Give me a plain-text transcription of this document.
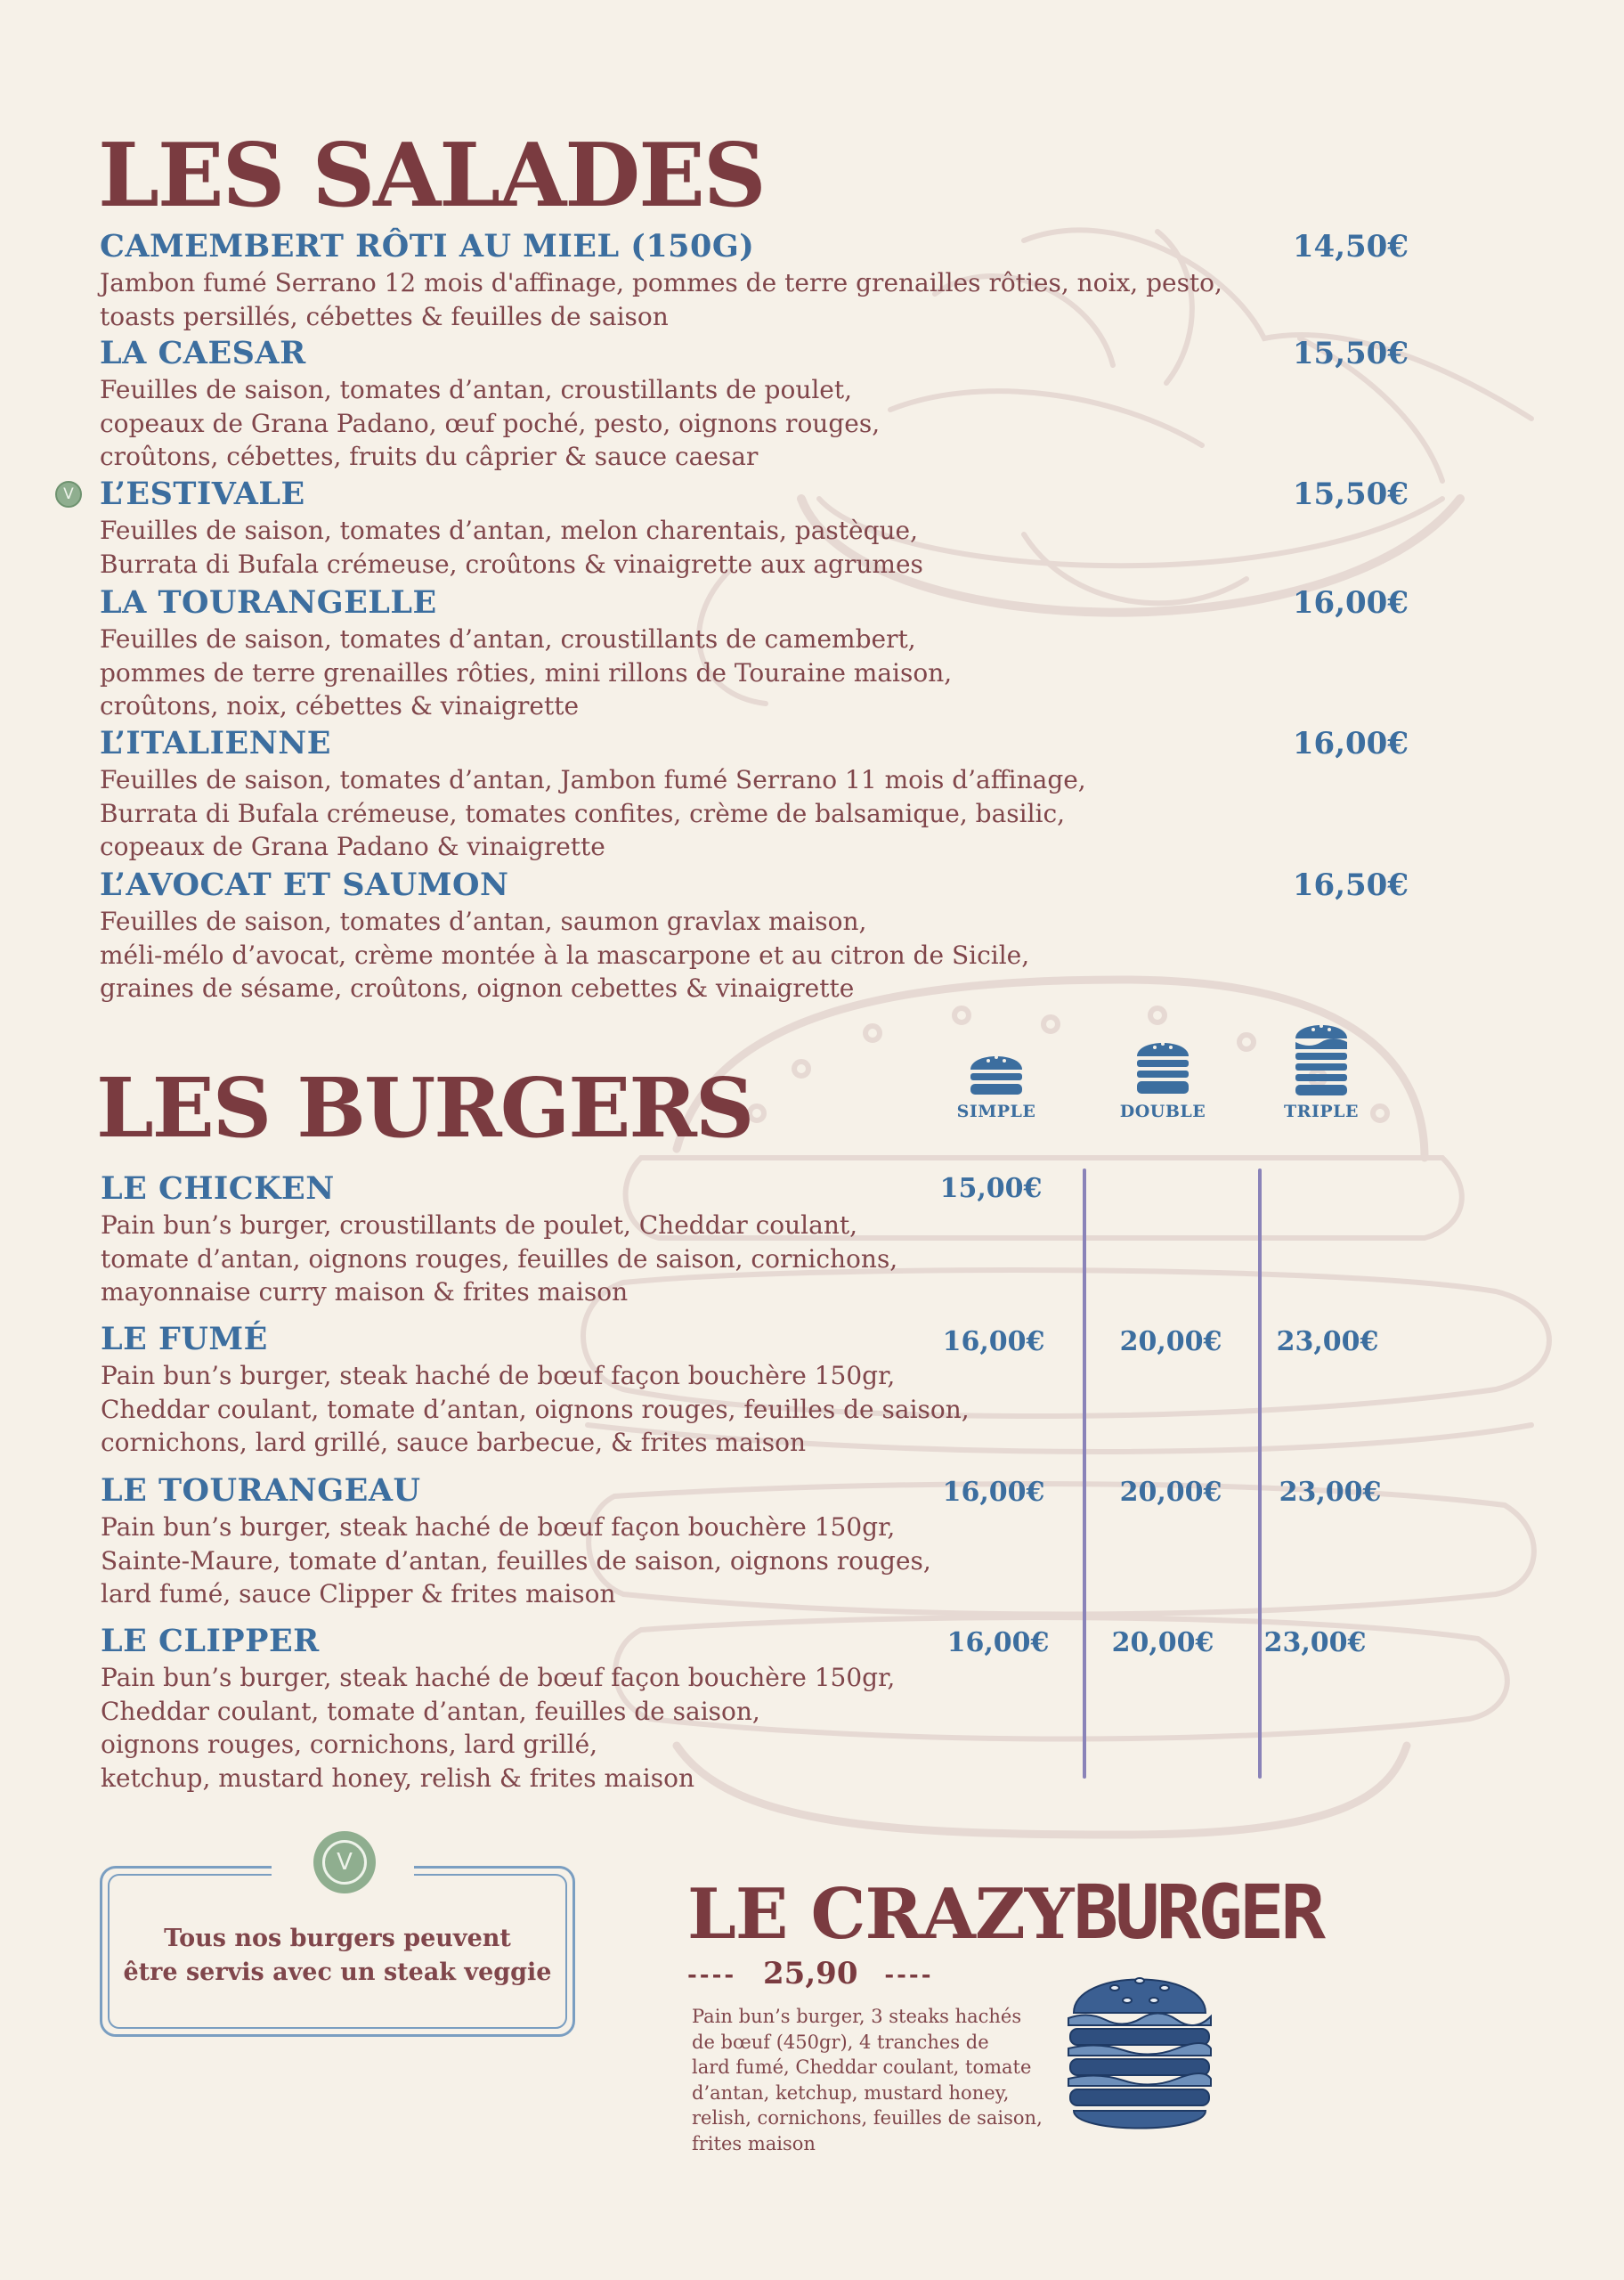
LES SALADES
CAMEMBERT RÔTI AU MIEL (150G)	14,50€
Jambon fumé Serrano 12 mois d'affinage, pommes de terre grenailles rôties, noix, pesto,
toasts persillés, cébettes & feuilles de saison
LA CAESAR	15,50€
Feuilles de saison, tomates d’antan, croustillants de poulet,
copeaux de Grana Padano, œuf poché, pesto, oignons rouges,
croûtons, cébettes, fruits du câprier & sauce caesar
V L’ESTIVALE	15,50€
Feuilles de saison, tomates d’antan, melon charentais, pastèque,
Burrata di Bufala crémeuse, croûtons & vinaigrette aux agrumes
LA TOURANGELLE	16,00€
Feuilles de saison, tomates d’antan, croustillants de camembert,
pommes de terre grenailles rôties, mini rillons de Touraine maison,
croûtons, noix, cébettes & vinaigrette
L’ITALIENNE	16,00€
Feuilles de saison, tomates d’antan, Jambon fumé Serrano 11 mois d’affinage,
Burrata di Bufala crémeuse, tomates confites, crème de balsamique, basilic,
copeaux de Grana Padano & vinaigrette
L’AVOCAT ET SAUMON	16,50€
Feuilles de saison, tomates d’antan, saumon gravlax maison,
méli-mélo d’avocat, crème montée à la mascarpone et au citron de Sicile,
graines de sésame, croûtons, oignon cebettes & vinaigrette
LES BURGERS	SIMPLE	DOUBLE	TRIPLE
LE CHICKEN
Pain bun’s burger, croustillants de poulet, Cheddar coulant,
tomate d’antan, oignons rouges, feuilles de saison, cornichons,
mayonnaise curry maison & frites maison
15,00€
LE FUMÉ
Pain bun’s burger, steak haché de bœuf façon bouchère 150gr,
Cheddar coulant, tomate d’antan, oignons rouges, feuilles de saison,
cornichons, lard grillé, sauce barbecue, & frites maison
16,00€	20,00€	23,00€
LE TOURANGEAU
Pain bun’s burger, steak haché de bœuf façon bouchère 150gr,
Sainte-Maure, tomate d’antan, feuilles de saison, oignons rouges,
lard fumé, sauce Clipper & frites maison
16,00€	20,00€	23,00€
LE CLIPPER
Pain bun’s burger, steak haché de bœuf façon bouchère 150gr,
Cheddar coulant, tomate d’antan, feuilles de saison,
oignons rouges, cornichons, lard grillé,
ketchup, mustard honey, relish & frites maison
16,00€	20,00€	23,00€
V
Tous nos burgers peuvent
être servis avec un steak veggie
LE CRAZYBURGER
---- 25,90 ----
Pain bun’s burger, 3 steaks hachés
de bœuf (450gr), 4 tranches de
lard fumé, Cheddar coulant, tomate
d’antan, ketchup, mustard honey,
relish, cornichons, feuilles de saison,
frites maison
